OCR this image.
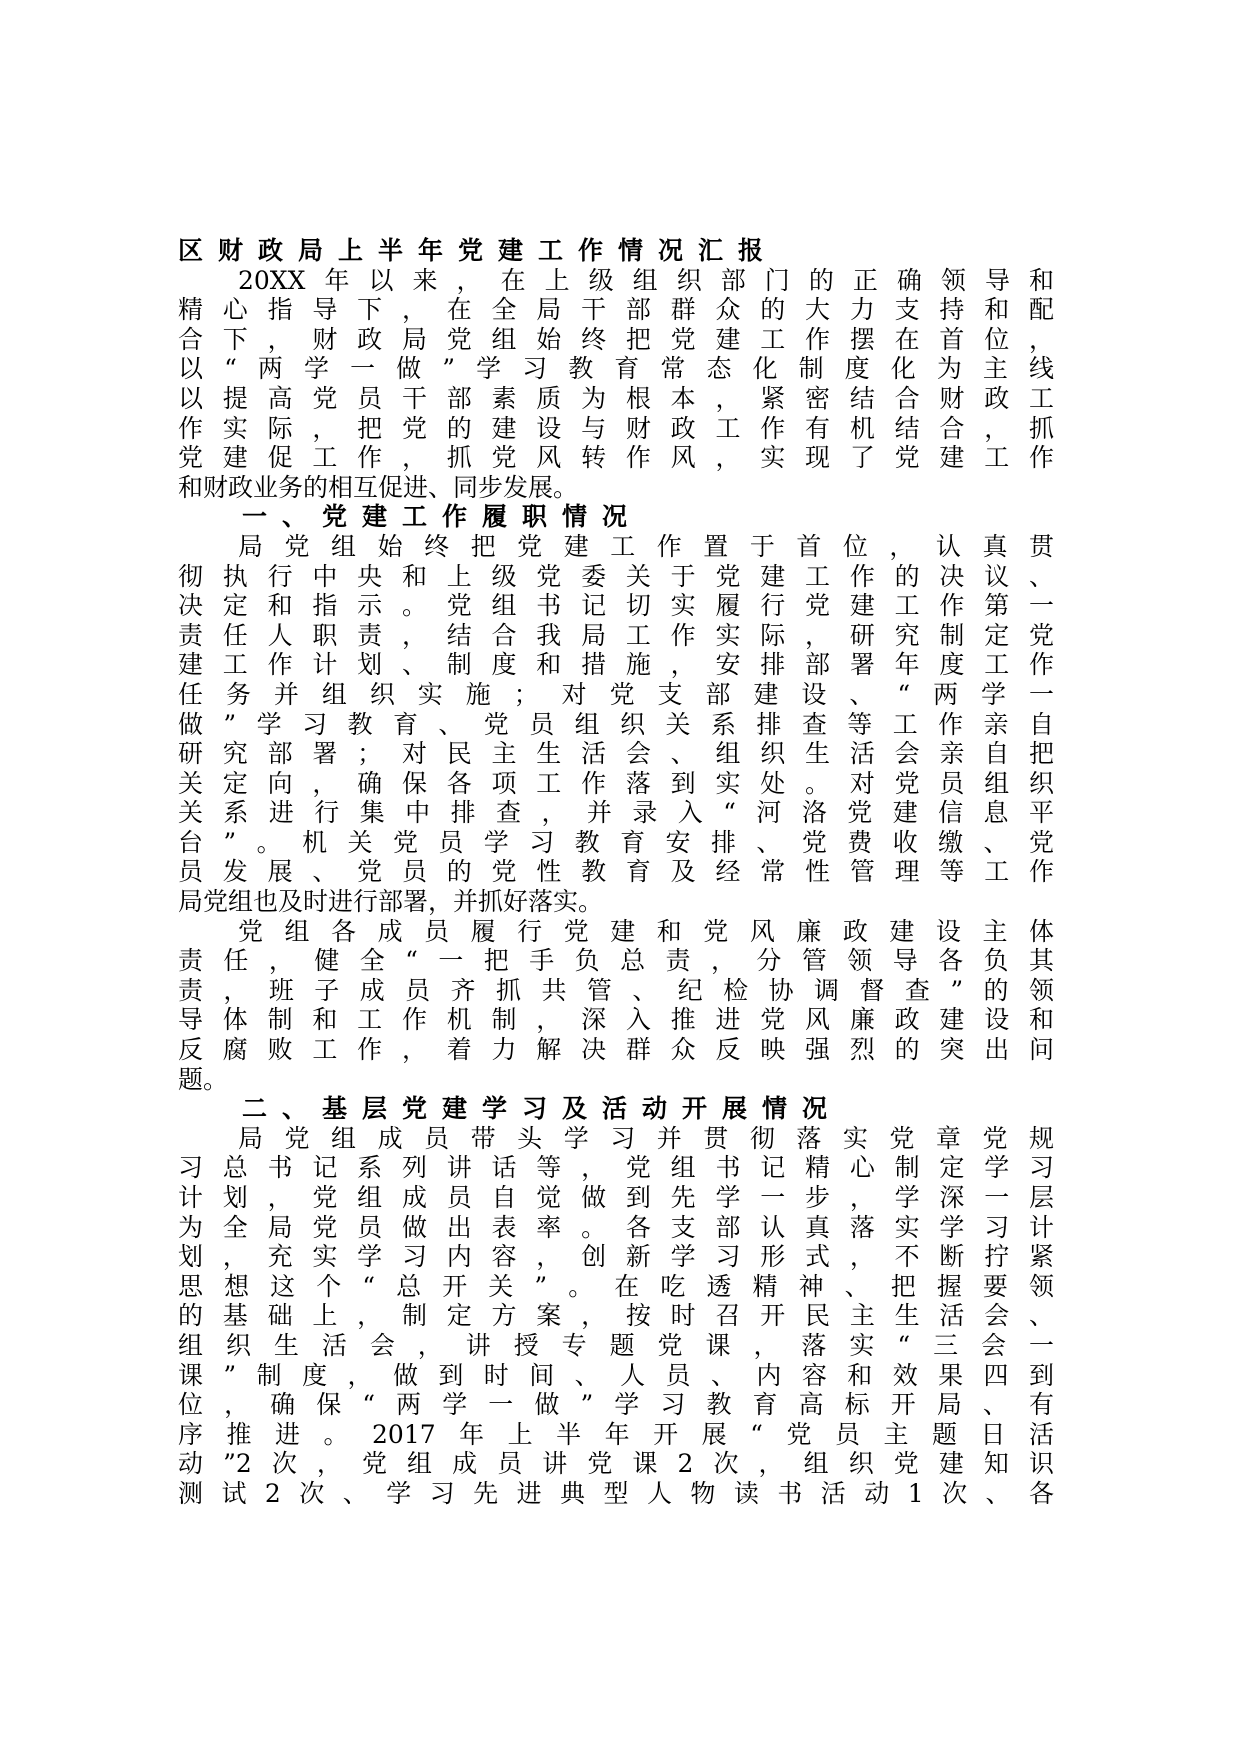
区财政局上半年党建工作情况汇报
20XX年以来，在上级组织部门的正确领导和
精心指导下，在全局干部群众的大力支持和配
合下，财政局党组始终把党建工作摆在首位，
以“两学一做”学习教育常态化制度化为主线
以提高党员干部素质为根本，紧密结合财政工
作实际，把党的建设与财政工作有机结合，抓
党建促工作，抓党风转作风，实现了党建工作
和财政业务的相互促进、同步发展。
一、党建工作履职情况
局党组始终把党建工作置于首位，认真贯
彻执行中央和上级党委关于党建工作的决议、
决定和指示。党组书记切实履行党建工作第一
责任人职责，结合我局工作实际，研究制定党
建工作计划、制度和措施，安排部署年度工作
任务并组织实施；对党支部建设、“两学一
做”学习教育、党员组织关系排查等工作亲自
研究部署；对民主生活会、组织生活会亲自把
关定向，确保各项工作落到实处。对党员组织
关系进行集中排查，并录入“河洛党建信息平
台”。机关党员学习教育安排、党费收缴、党
员发展、党员的党性教育及经常性管理等工作
局党组也及时进行部署，并抓好落实。
党组各成员履行党建和党风廉政建设主体
责任，健全“一把手负总责，分管领导各负其
责，班子成员齐抓共管、纪检协调督查”的领
导体制和工作机制，深入推进党风廉政建设和
反腐败工作，着力解决群众反映强烈的突出问
题。
二、基层党建学习及活动开展情况
局党组成员带头学习并贯彻落实党章党规
习总书记系列讲话等，党组书记精心制定学习
计划，党组成员自觉做到先学一步，学深一层
为全局党员做出表率。各支部认真落实学习计
划，充实学习内容，创新学习形式，不断拧紧
思想这个“总开关”。在吃透精神、把握要领
的基础上，制定方案，按时召开民主生活会、
组织生活会，讲授专题党课，落实“三会一
课”制度，做到时间、人员、内容和效果四到
位，确保“两学一做”学习教育高标开局、有
序推进。2017年上半年开展“党员主题日活
动”2次，党组成员讲党课2次，组织党建知识
测试2次、学习先进典型人物读书活动1次、各
